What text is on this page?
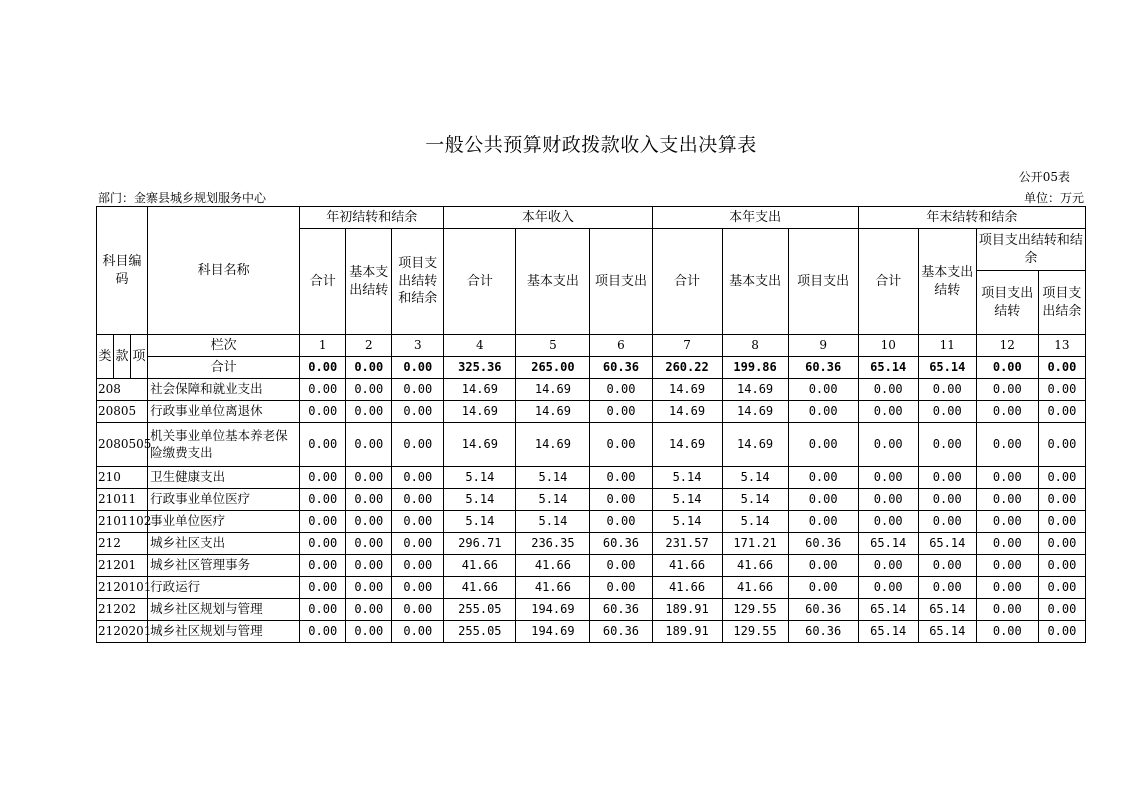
一般公共预算财政拨款收入支出决算表
公开05表
部门：金寨县城乡规划服务中心	单位：万元
科目编码			科目名称	年初结转和结余			本年收入			本年支出			年末结转和结余			
				合计	基本支出结转	项目支出结转和结余	合计	基本支出	项目支出	合计	基本支出	项目支出	合计	基本支出结转	项目支出结转和结余	
															项目支出结转	项目支出结余
类	款	项	栏次	1	2	3	4	5	6	7	8	9	10	11	12	13
			合计	0.00	0.00	0.00	325.36	265.00	60.36	260.22	199.86	60.36	65.14	65.14	0.00	0.00
208			社会保障和就业支出	0.00	0.00	0.00	14.69	14.69	0.00	14.69	14.69	0.00	0.00	0.00	0.00	0.00
20805			行政事业单位离退休	0.00	0.00	0.00	14.69	14.69	0.00	14.69	14.69	0.00	0.00	0.00	0.00	0.00
2080505			机关事业单位基本养老保险缴费支出	0.00	0.00	0.00	14.69	14.69	0.00	14.69	14.69	0.00	0.00	0.00	0.00	0.00
210			卫生健康支出	0.00	0.00	0.00	5.14	5.14	0.00	5.14	5.14	0.00	0.00	0.00	0.00	0.00
21011			行政事业单位医疗	0.00	0.00	0.00	5.14	5.14	0.00	5.14	5.14	0.00	0.00	0.00	0.00	0.00
2101102			事业单位医疗	0.00	0.00	0.00	5.14	5.14	0.00	5.14	5.14	0.00	0.00	0.00	0.00	0.00
212			城乡社区支出	0.00	0.00	0.00	296.71	236.35	60.36	231.57	171.21	60.36	65.14	65.14	0.00	0.00
21201			城乡社区管理事务	0.00	0.00	0.00	41.66	41.66	0.00	41.66	41.66	0.00	0.00	0.00	0.00	0.00
2120101			行政运行	0.00	0.00	0.00	41.66	41.66	0.00	41.66	41.66	0.00	0.00	0.00	0.00	0.00
21202			城乡社区规划与管理	0.00	0.00	0.00	255.05	194.69	60.36	189.91	129.55	60.36	65.14	65.14	0.00	0.00
2120201			城乡社区规划与管理	0.00	0.00	0.00	255.05	194.69	60.36	189.91	129.55	60.36	65.14	65.14	0.00	0.00
